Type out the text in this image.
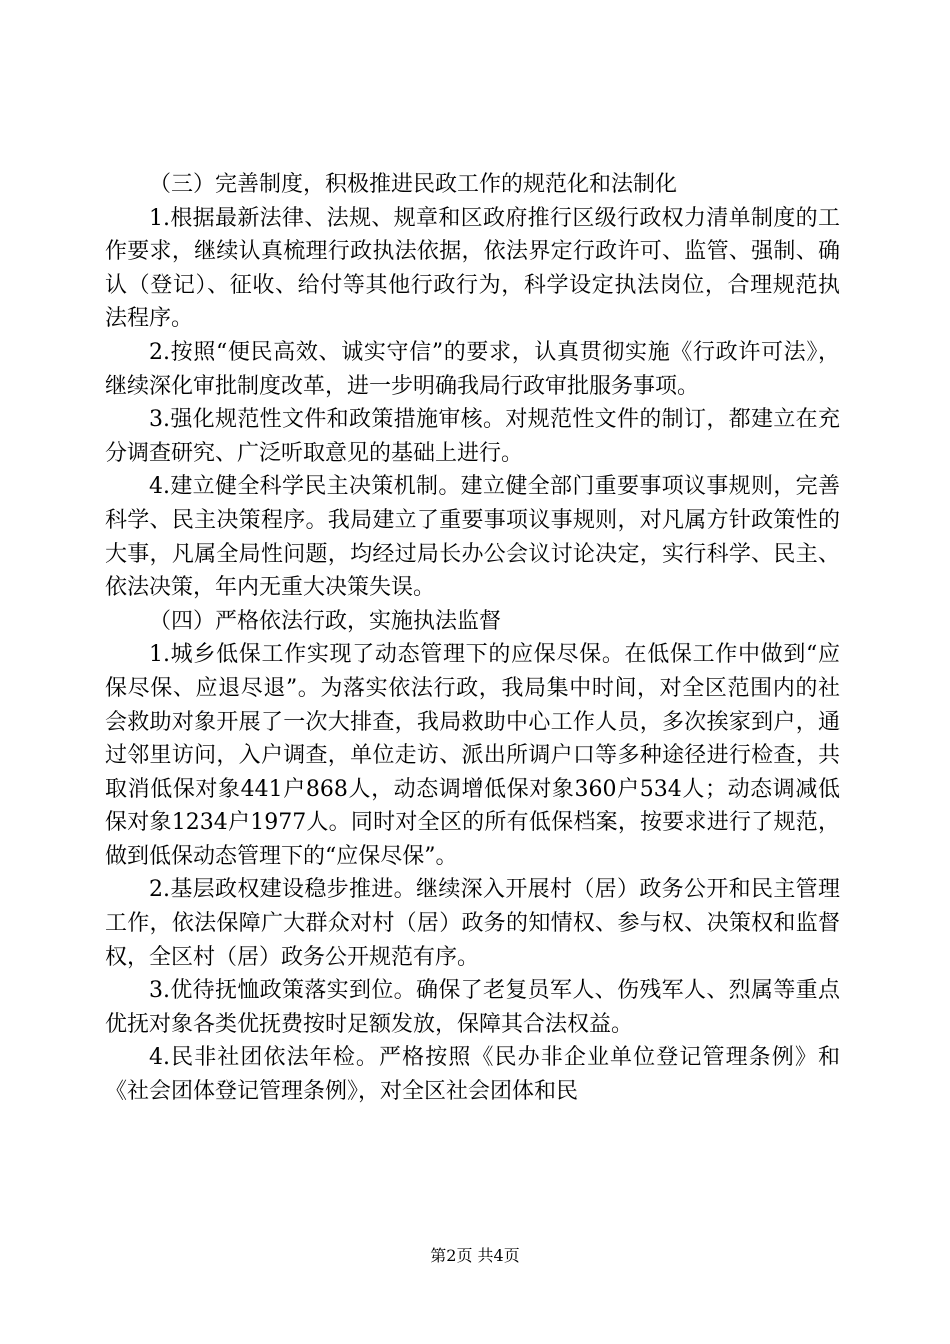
（三）完善制度，积极推进民政工作的规范化和法制化

1.根据最新法律、法规、规章和区政府推行区级行政权力清单制度的工作要求，继续认真梳理行政执法依据，依法界定行政许可、监管、强制、确认（登记）、征收、给付等其他行政行为，科学设定执法岗位，合理规范执法程序。

2.按照“便民高效、诚实守信”的要求，认真贯彻实施《行政许可法》，继续深化审批制度改革，进一步明确我局行政审批服务事项。

3.强化规范性文件和政策措施审核。对规范性文件的制订，都建立在充分调查研究、广泛听取意见的基础上进行。

4.建立健全科学民主决策机制。建立健全部门重要事项议事规则，完善科学、民主决策程序。我局建立了重要事项议事规则，对凡属方针政策性的大事，凡属全局性问题，均经过局长办公会议讨论决定，实行科学、民主、依法决策，年内无重大决策失误。

（四）严格依法行政，实施执法监督

1.城乡低保工作实现了动态管理下的应保尽保。在低保工作中做到“应保尽保、应退尽退”。为落实依法行政，我局集中时间，对全区范围内的社会救助对象开展了一次大排查，我局救助中心工作人员，多次挨家到户，通过邻里访问，入户调查，单位走访、派出所调户口等多种途径进行检查，共取消低保对象441户868人，动态调增低保对象360户534人；动态调减低保对象1234户1977人。同时对全区的所有低保档案，按要求进行了规范，做到低保动态管理下的“应保尽保”。

2.基层政权建设稳步推进。继续深入开展村（居）政务公开和民主管理工作，依法保障广大群众对村（居）政务的知情权、参与权、决策权和监督权，全区村（居）政务公开规范有序。

3.优待抚恤政策落实到位。确保了老复员军人、伤残军人、烈属等重点优抚对象各类优抚费按时足额发放，保障其合法权益。

4.民非社团依法年检。严格按照《民办非企业单位登记管理条例》和《社会团体登记管理条例》，对全区社会团体和民

第2页 共4页
